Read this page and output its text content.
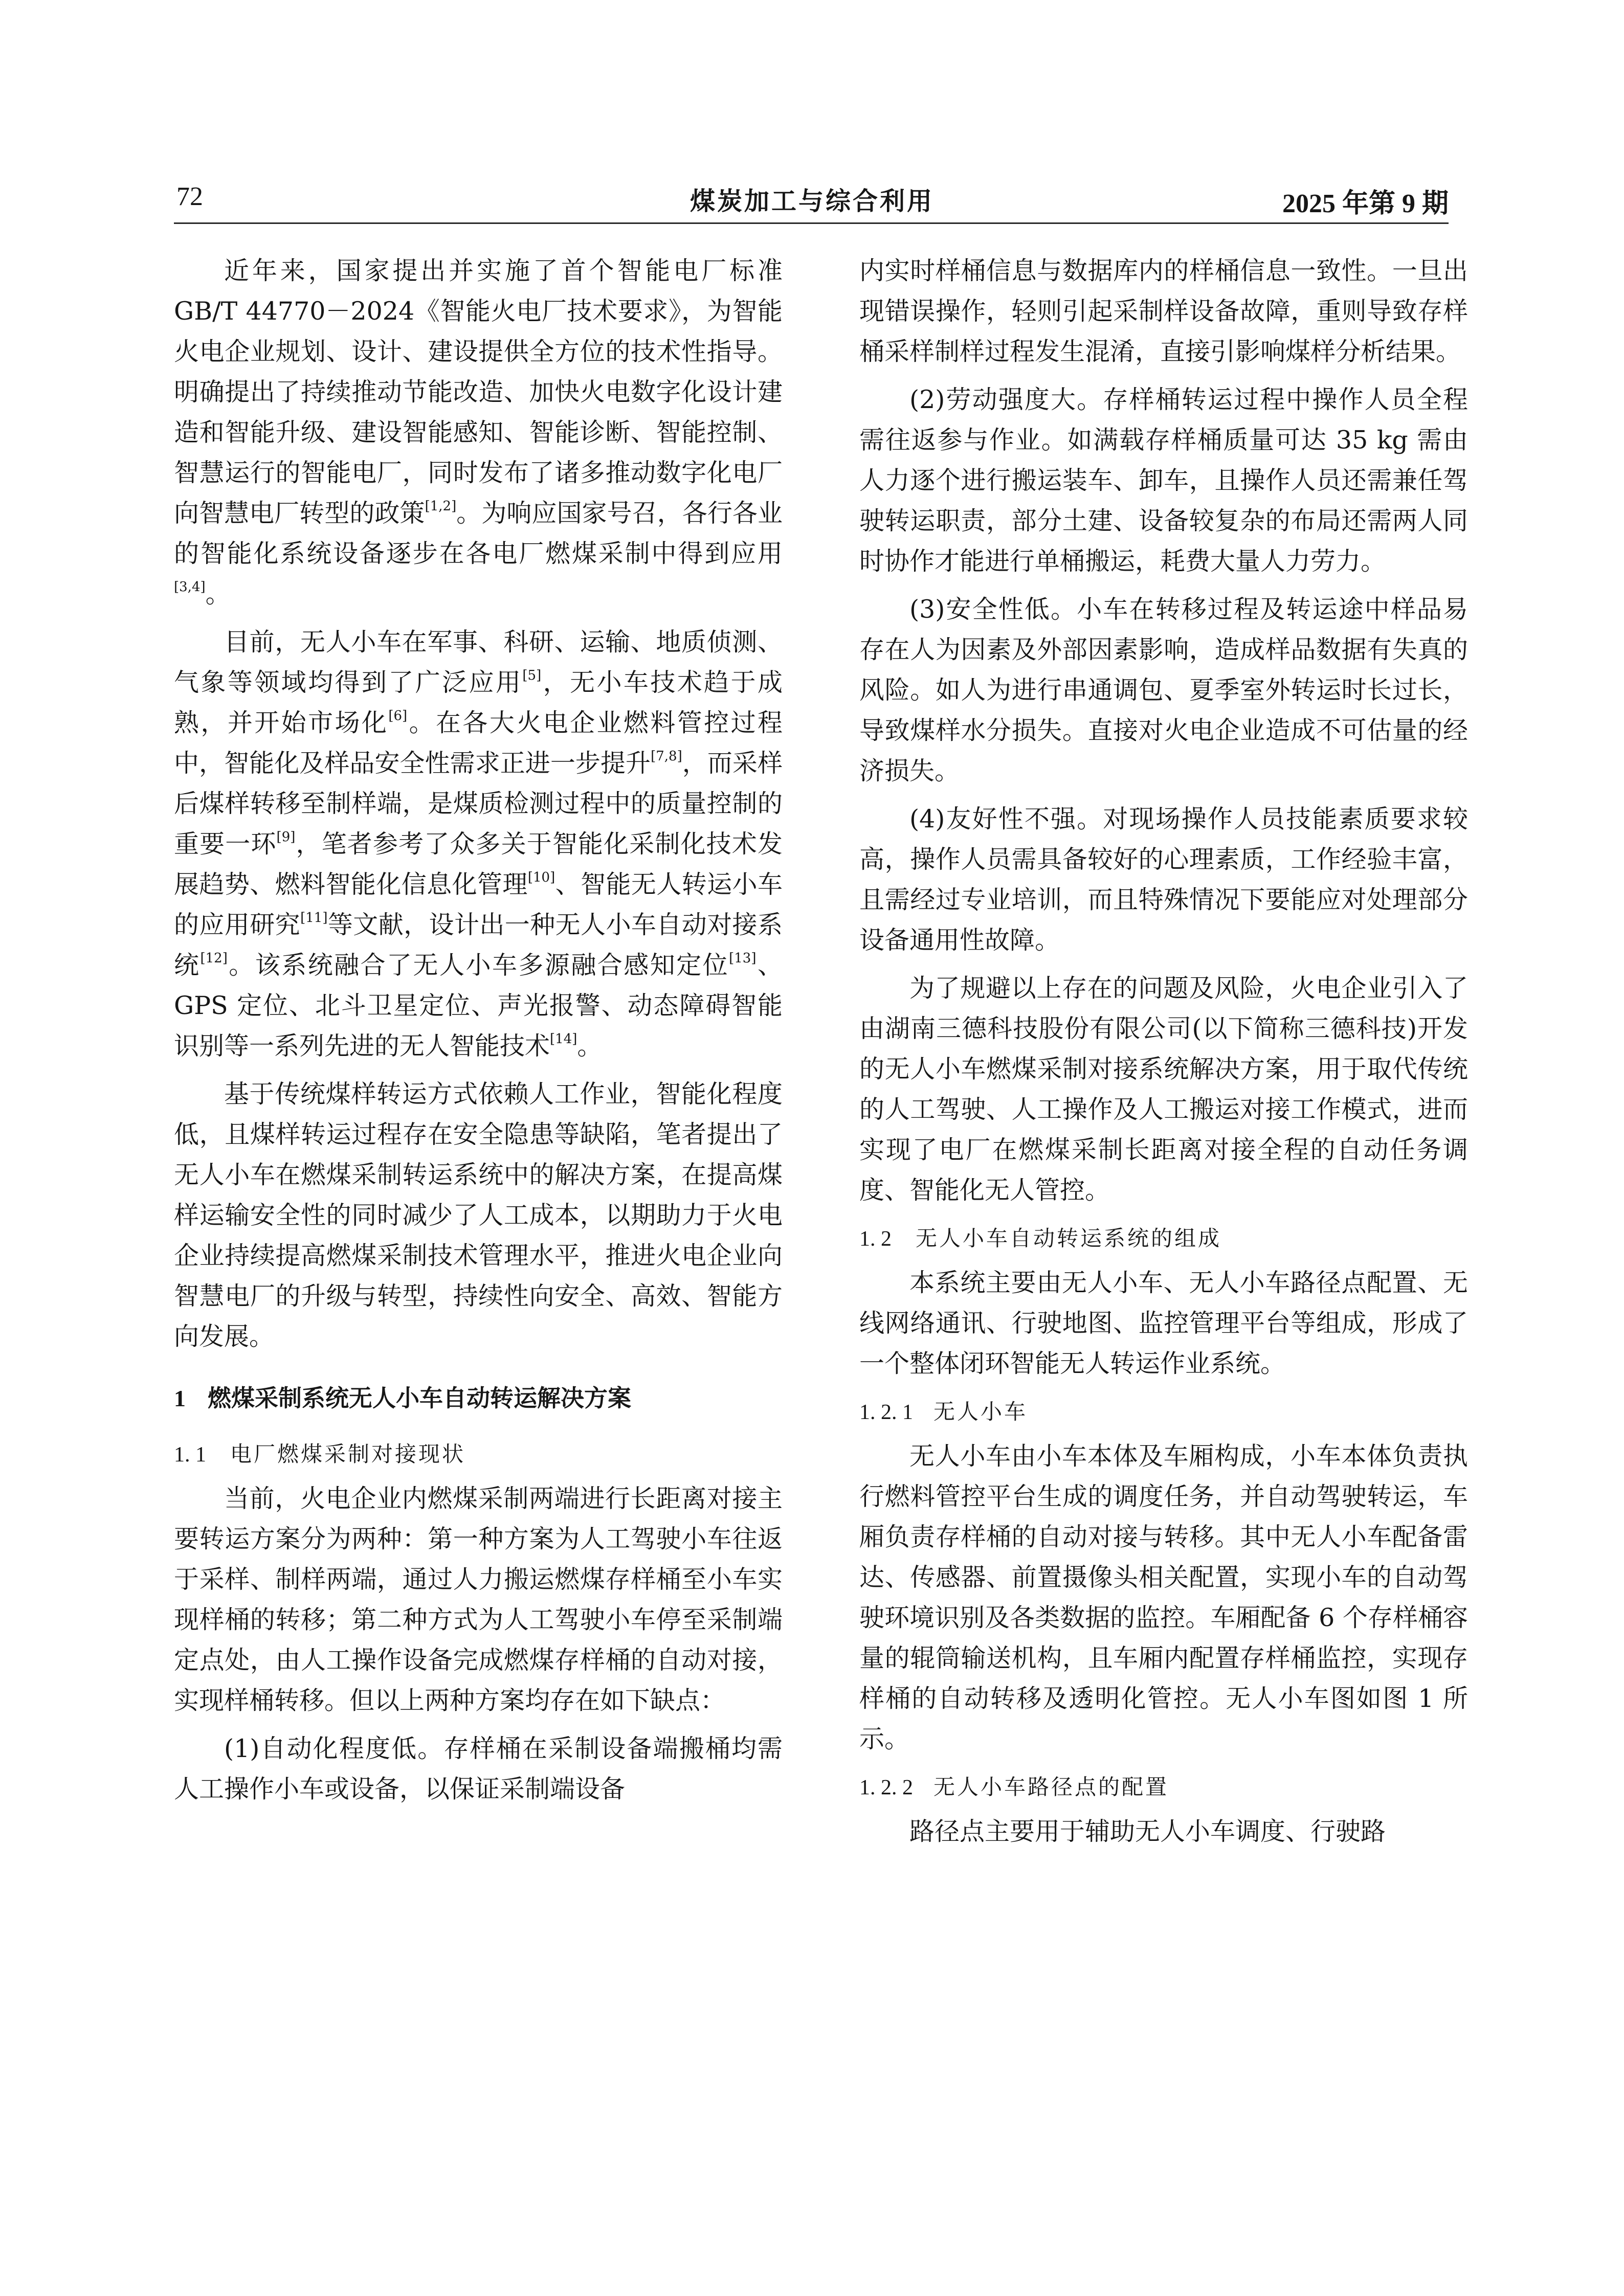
72	煤炭加工与综合利用	2025 年第 9 期

近年来，国家提出并实施了首个智能电厂标准 GB/T 44770－2024《智能火电厂技术要求》，为智能火电企业规划、设计、建设提供全方位的技术性指导。明确提出了持续推动节能改造、加快火电数字化设计建造和智能升级、建设智能感知、智能诊断、智能控制、智慧运行的智能电厂，同时发布了诸多推动数字化电厂向智慧电厂转型的政策[1,2]。为响应国家号召，各行各业的智能化系统设备逐步在各电厂燃煤采制中得到应用[3,4]。

目前，无人小车在军事、科研、运输、地质侦测、气象等领域均得到了广泛应用[5]，无小车技术趋于成熟，并开始市场化[6]。在各大火电企业燃料管控过程中，智能化及样品安全性需求正进一步提升[7,8]，而采样后煤样转移至制样端，是煤质检测过程中的质量控制的重要一环[9]，笔者参考了众多关于智能化采制化技术发展趋势、燃料智能化信息化管理[10]、智能无人转运小车的应用研究[11]等文献，设计出一种无人小车自动对接系统[12]。该系统融合了无人小车多源融合感知定位[13]、GPS 定位、北斗卫星定位、声光报警、动态障碍智能识别等一系列先进的无人智能技术[14]。

基于传统煤样转运方式依赖人工作业，智能化程度低，且煤样转运过程存在安全隐患等缺陷，笔者提出了无人小车在燃煤采制转运系统中的解决方案，在提高煤样运输安全性的同时减少了人工成本，以期助力于火电企业持续提高燃煤采制技术管理水平，推进火电企业向智慧电厂的升级与转型，持续性向安全、高效、智能方向发展。

1 燃煤采制系统无人小车自动转运解决方案
1. 1 电厂燃煤采制对接现状

当前，火电企业内燃煤采制两端进行长距离对接主要转运方案分为两种：第一种方案为人工驾驶小车往返于采样、制样两端，通过人力搬运燃煤存样桶至小车实现样桶的转移；第二种方式为人工驾驶小车停至采制端定点处，由人工操作设备完成燃煤存样桶的自动对接，实现样桶转移。但以上两种方案均存在如下缺点：

(1)自动化程度低。存样桶在采制设备端搬桶均需人工操作小车或设备，以保证采制端设备

内实时样桶信息与数据库内的样桶信息一致性。一旦出现错误操作，轻则引起采制样设备故障，重则导致存样桶采样制样过程发生混淆，直接引影响煤样分析结果。

(2)劳动强度大。存样桶转运过程中操作人员全程需往返参与作业。如满载存样桶质量可达 35 kg 需由人力逐个进行搬运装车、卸车，且操作人员还需兼任驾驶转运职责，部分土建、设备较复杂的布局还需两人同时协作才能进行单桶搬运，耗费大量人力劳力。

(3)安全性低。小车在转移过程及转运途中样品易存在人为因素及外部因素影响，造成样品数据有失真的风险。如人为进行串通调包、夏季室外转运时长过长，导致煤样水分损失。直接对火电企业造成不可估量的经济损失。

(4)友好性不强。对现场操作人员技能素质要求较高，操作人员需具备较好的心理素质，工作经验丰富，且需经过专业培训，而且特殊情况下要能应对处理部分设备通用性故障。

为了规避以上存在的问题及风险，火电企业引入了由湖南三德科技股份有限公司(以下简称三德科技)开发的无人小车燃煤采制对接系统解决方案，用于取代传统的人工驾驶、人工操作及人工搬运对接工作模式，进而实现了电厂在燃煤采制长距离对接全程的自动任务调度、智能化无人管控。

1. 2 无人小车自动转运系统的组成

本系统主要由无人小车、无人小车路径点配置、无线网络通讯、行驶地图、监控管理平台等组成，形成了一个整体闭环智能无人转运作业系统。

1. 2. 1 无人小车

无人小车由小车本体及车厢构成，小车本体负责执行燃料管控平台生成的调度任务，并自动驾驶转运，车厢负责存样桶的自动对接与转移。其中无人小车配备雷达、传感器、前置摄像头相关配置，实现小车的自动驾驶环境识别及各类数据的监控。车厢配备 6 个存样桶容量的辊筒输送机构，且车厢内配置存样桶监控，实现存样桶的自动转移及透明化管控。无人小车图如图 1 所示。

1. 2. 2 无人小车路径点的配置

路径点主要用于辅助无人小车调度、行驶路
